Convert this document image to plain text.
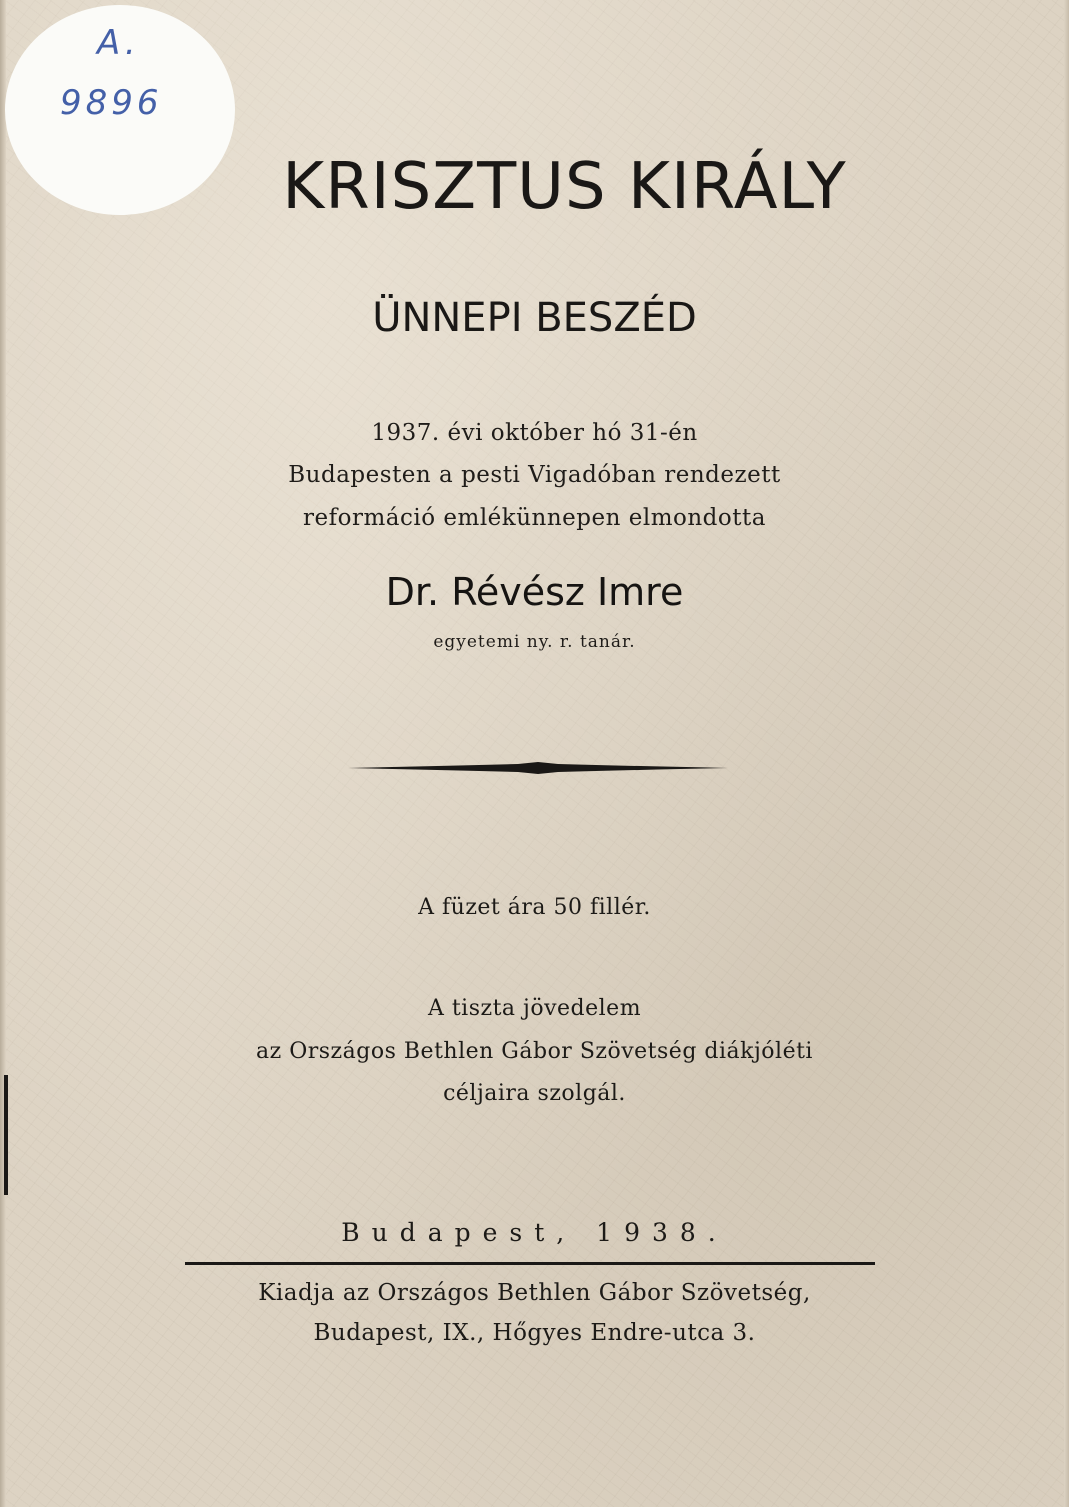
A.
9896
KRISZTUS KIRÁLY
ÜNNEPI BESZÉD
1937. évi október hó 31-én
Budapesten a pesti Vigadóban rendezett
reformáció emlékünnepen elmondotta
Dr. Révész Imre
egyetemi ny. r. tanár.
A füzet ára 50 fillér.
A tiszta jövedelem
az Országos Bethlen Gábor Szövetség diákjóléti
céljaira szolgál.
Budapest, 1938.
Kiadja az Országos Bethlen Gábor Szövetség,
Budapest, IX., Hőgyes Endre-utca 3.
